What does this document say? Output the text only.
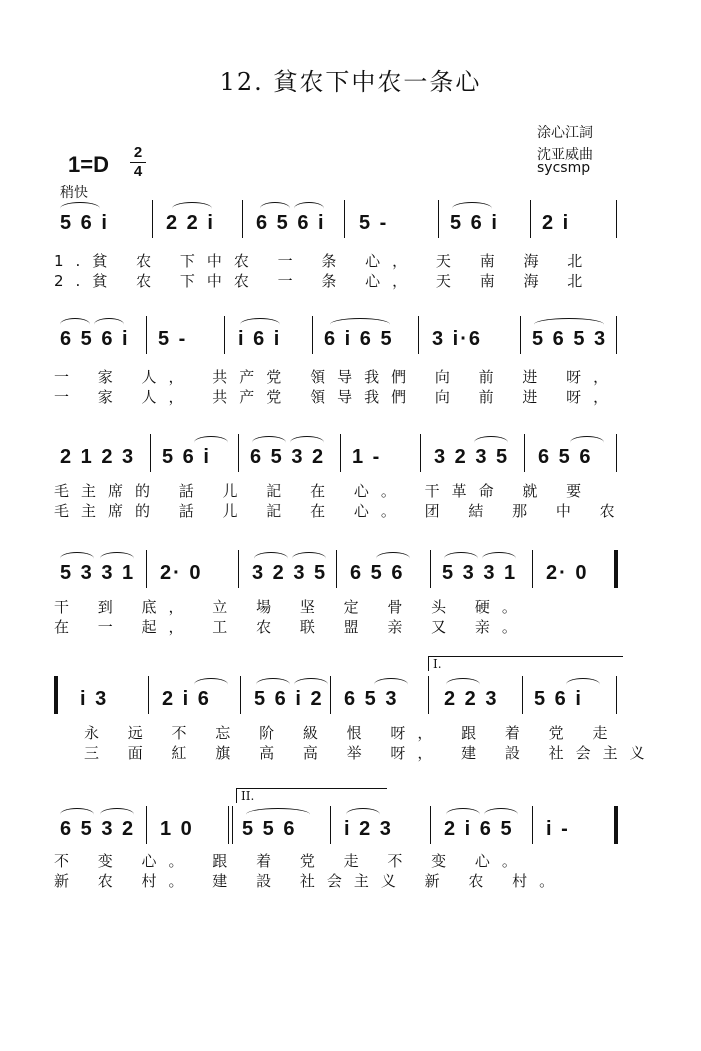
12. 貧农下中农一条心
涂心江詞
沈亚威曲
sycsmp
1=D 2
4
稍快
5 6 i	2 2 i 6 5 6 i 5 -	5 6 i 2 i
1.貧 农 下中农 一 条 心， 天 南 海 北
2.貧 农 下中农 一 条 心， 天 南 海 北
6 5 6 i 5 -	i 6 i 6 i 6 5 3 i·6 5 6 5 3
一 家 人， 共产党 領导我們 向 前 进 呀，
一 家 人， 共产党 領导我們 向 前 进 呀，
2 1 2 3 5 6 i 6 5 3 2 1 -	3 2 3 5 6 5 6
毛主席的 話 儿 記 在 心。 干革命 就 要
毛主席的 話 儿 記 在 心。 团 結 那 中 农
5 3 3 1 2· 0 3 2 3 5 6 5 6 5 3 3 1 2· 0
干 到 底， 立 場 坚 定 骨 头 硬。
在 一 起， 工 农 联 盟 亲 又 亲。
I.
i 3	2 i 6 5 6 i 2 6 5 3 2 2 3 5 6 i
永 远 不 忘 阶 級 恨 呀， 跟 着 党 走
三 面 紅 旗 高 高 举 呀， 建 設 社会主义
II.
6 5 3 2 1 0 5 5 6 i 2 3	2 i 6 5 i -
不 变 心。 跟 着 党 走 不 变 心。
新 农 村。 建 設 社会主义 新 农 村。
